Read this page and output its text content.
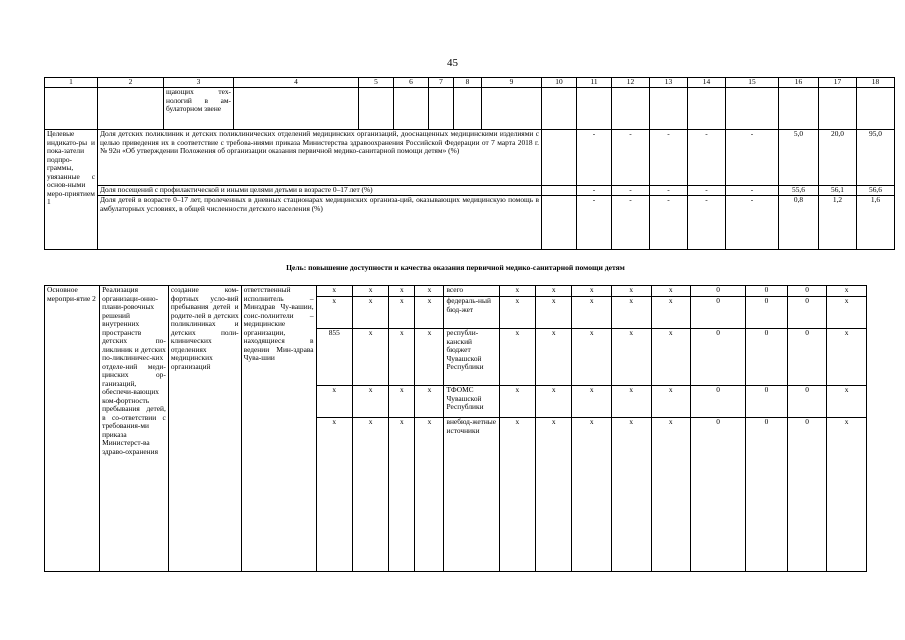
45
1	2	3	4	5	6	7	8	9	10	11	12	13	14	15	16	17	18	
		щающих тех-нологий в ам-булаторном звене																
Целевые индикато-ры и пока-затели подпро-граммы, увязанные с основ-ными меро-приятием 1	Доля детских поликлиник и детских поликлинических отделений медицинских организаций, дооснащенных медицинскими изделиями с целью приведения их в соответствие с требова-ниями приказа Министерства здравоохранения Российской Федерации от 7 марта 2018 г. № 92н «Об утверждении Положения об организации оказания первичной медико-санитарной помощи детям» (%)									-	-	-	-	-	5,0	20,0	95,0	
	Доля посещений с профилактической и иными целями детьми в возрасте 0–17 лет (%)									-	-	-	-	-	55,6	56,1	56,6	
	Доля детей в возрасте 0–17 лет, пролеченных в дневных стационарах медицинских организа-ций, оказывающих медицинскую помощь в амбулаторных условиях, в общей численности детского населения (%)									-	-	-	-	-	0,8	1,2	1,6	
Цель: повышение доступности и качества оказания первичной медико-санитарной помощи детям
Основное меропри-ятие 2	Реализация организаци-онно-плани-ровочных решений внутренних пространств детских по-ликлиник и детских по-ликлиничес-ких отделе-ний меди-цинских ор-ганизаций, обеспечи-вающих ком-фортность пребывания детей, в со-ответствии с требования-ми приказа Министерст-ва здраво-охранения	создание ком-фортных усло-вий пребывания детей и родите-лей в детских поликлиниках и детских поли-клинических отделениях медицинских организаций	ответственный исполнитель – Минздрав Чу-вашии, соис-полнители – медицинские организации, находящиеся в ведении Мин-здрава Чува-шии	x	x	x	x	всего	x	x	x	x	x	0	0	0	x
				x	x	x	x	федераль-ный бюд-жет	x	x	x	x	x	0	0	0	x
				855	x	x	x	республи-канский бюджет Чувашской Республики	x	x	x	x	x	0	0	0	x
				x	x	x	x	ТФОМС Чувашской Республики	x	x	x	x	x	0	0	0	x
				x	x	x	x	внебюд-жетные источники	x	x	x	x	x	0	0	0	x
